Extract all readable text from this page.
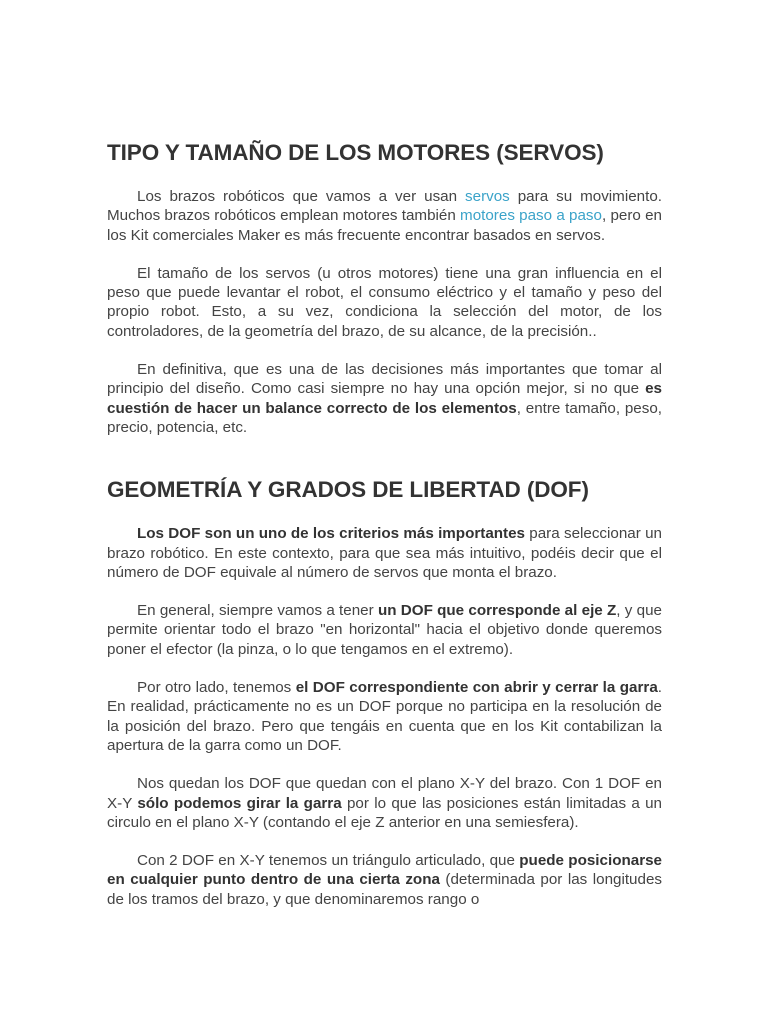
TIPO Y TAMAÑO DE LOS MOTORES (SERVOS)

Los brazos robóticos que vamos a ver usan servos para su movimiento. Muchos brazos robóticos emplean motores también motores paso a paso, pero en los Kit comerciales Maker es más frecuente encontrar basados en servos.

El tamaño de los servos (u otros motores) tiene una gran influencia en el peso que puede levantar el robot, el consumo eléctrico y el tamaño y peso del propio robot. Esto, a su vez, condiciona la selección del motor, de los controladores, de la geometría del brazo, de su alcance, de la precisión..

En definitiva, que es una de las decisiones más importantes que tomar al principio del diseño. Como casi siempre no hay una opción mejor, si no que es cuestión de hacer un balance correcto de los elementos, entre tamaño, peso, precio, potencia, etc.

GEOMETRÍA Y GRADOS DE LIBERTAD (DOF)

Los DOF son un uno de los criterios más importantes para seleccionar un brazo robótico. En este contexto, para que sea más intuitivo, podéis decir que el número de DOF equivale al número de servos que monta el brazo.

En general, siempre vamos a tener un DOF que corresponde al eje Z, y que permite orientar todo el brazo "en horizontal" hacia el objetivo donde queremos poner el efector (la pinza, o lo que tengamos en el extremo).

Por otro lado, tenemos el DOF correspondiente con abrir y cerrar la garra. En realidad, prácticamente no es un DOF porque no participa en la resolución de la posición del brazo. Pero que tengáis en cuenta que en los Kit contabilizan la apertura de la garra como un DOF.

Nos quedan los DOF que quedan con el plano X-Y del brazo. Con 1 DOF en X-Y sólo podemos girar la garra por lo que las posiciones están limitadas a un circulo en el plano X-Y (contando el eje Z anterior en una semiesfera).

Con 2 DOF en X-Y tenemos un triángulo articulado, que puede posicionarse en cualquier punto dentro de una cierta zona (determinada por las longitudes de los tramos del brazo, y que denominaremos rango o
